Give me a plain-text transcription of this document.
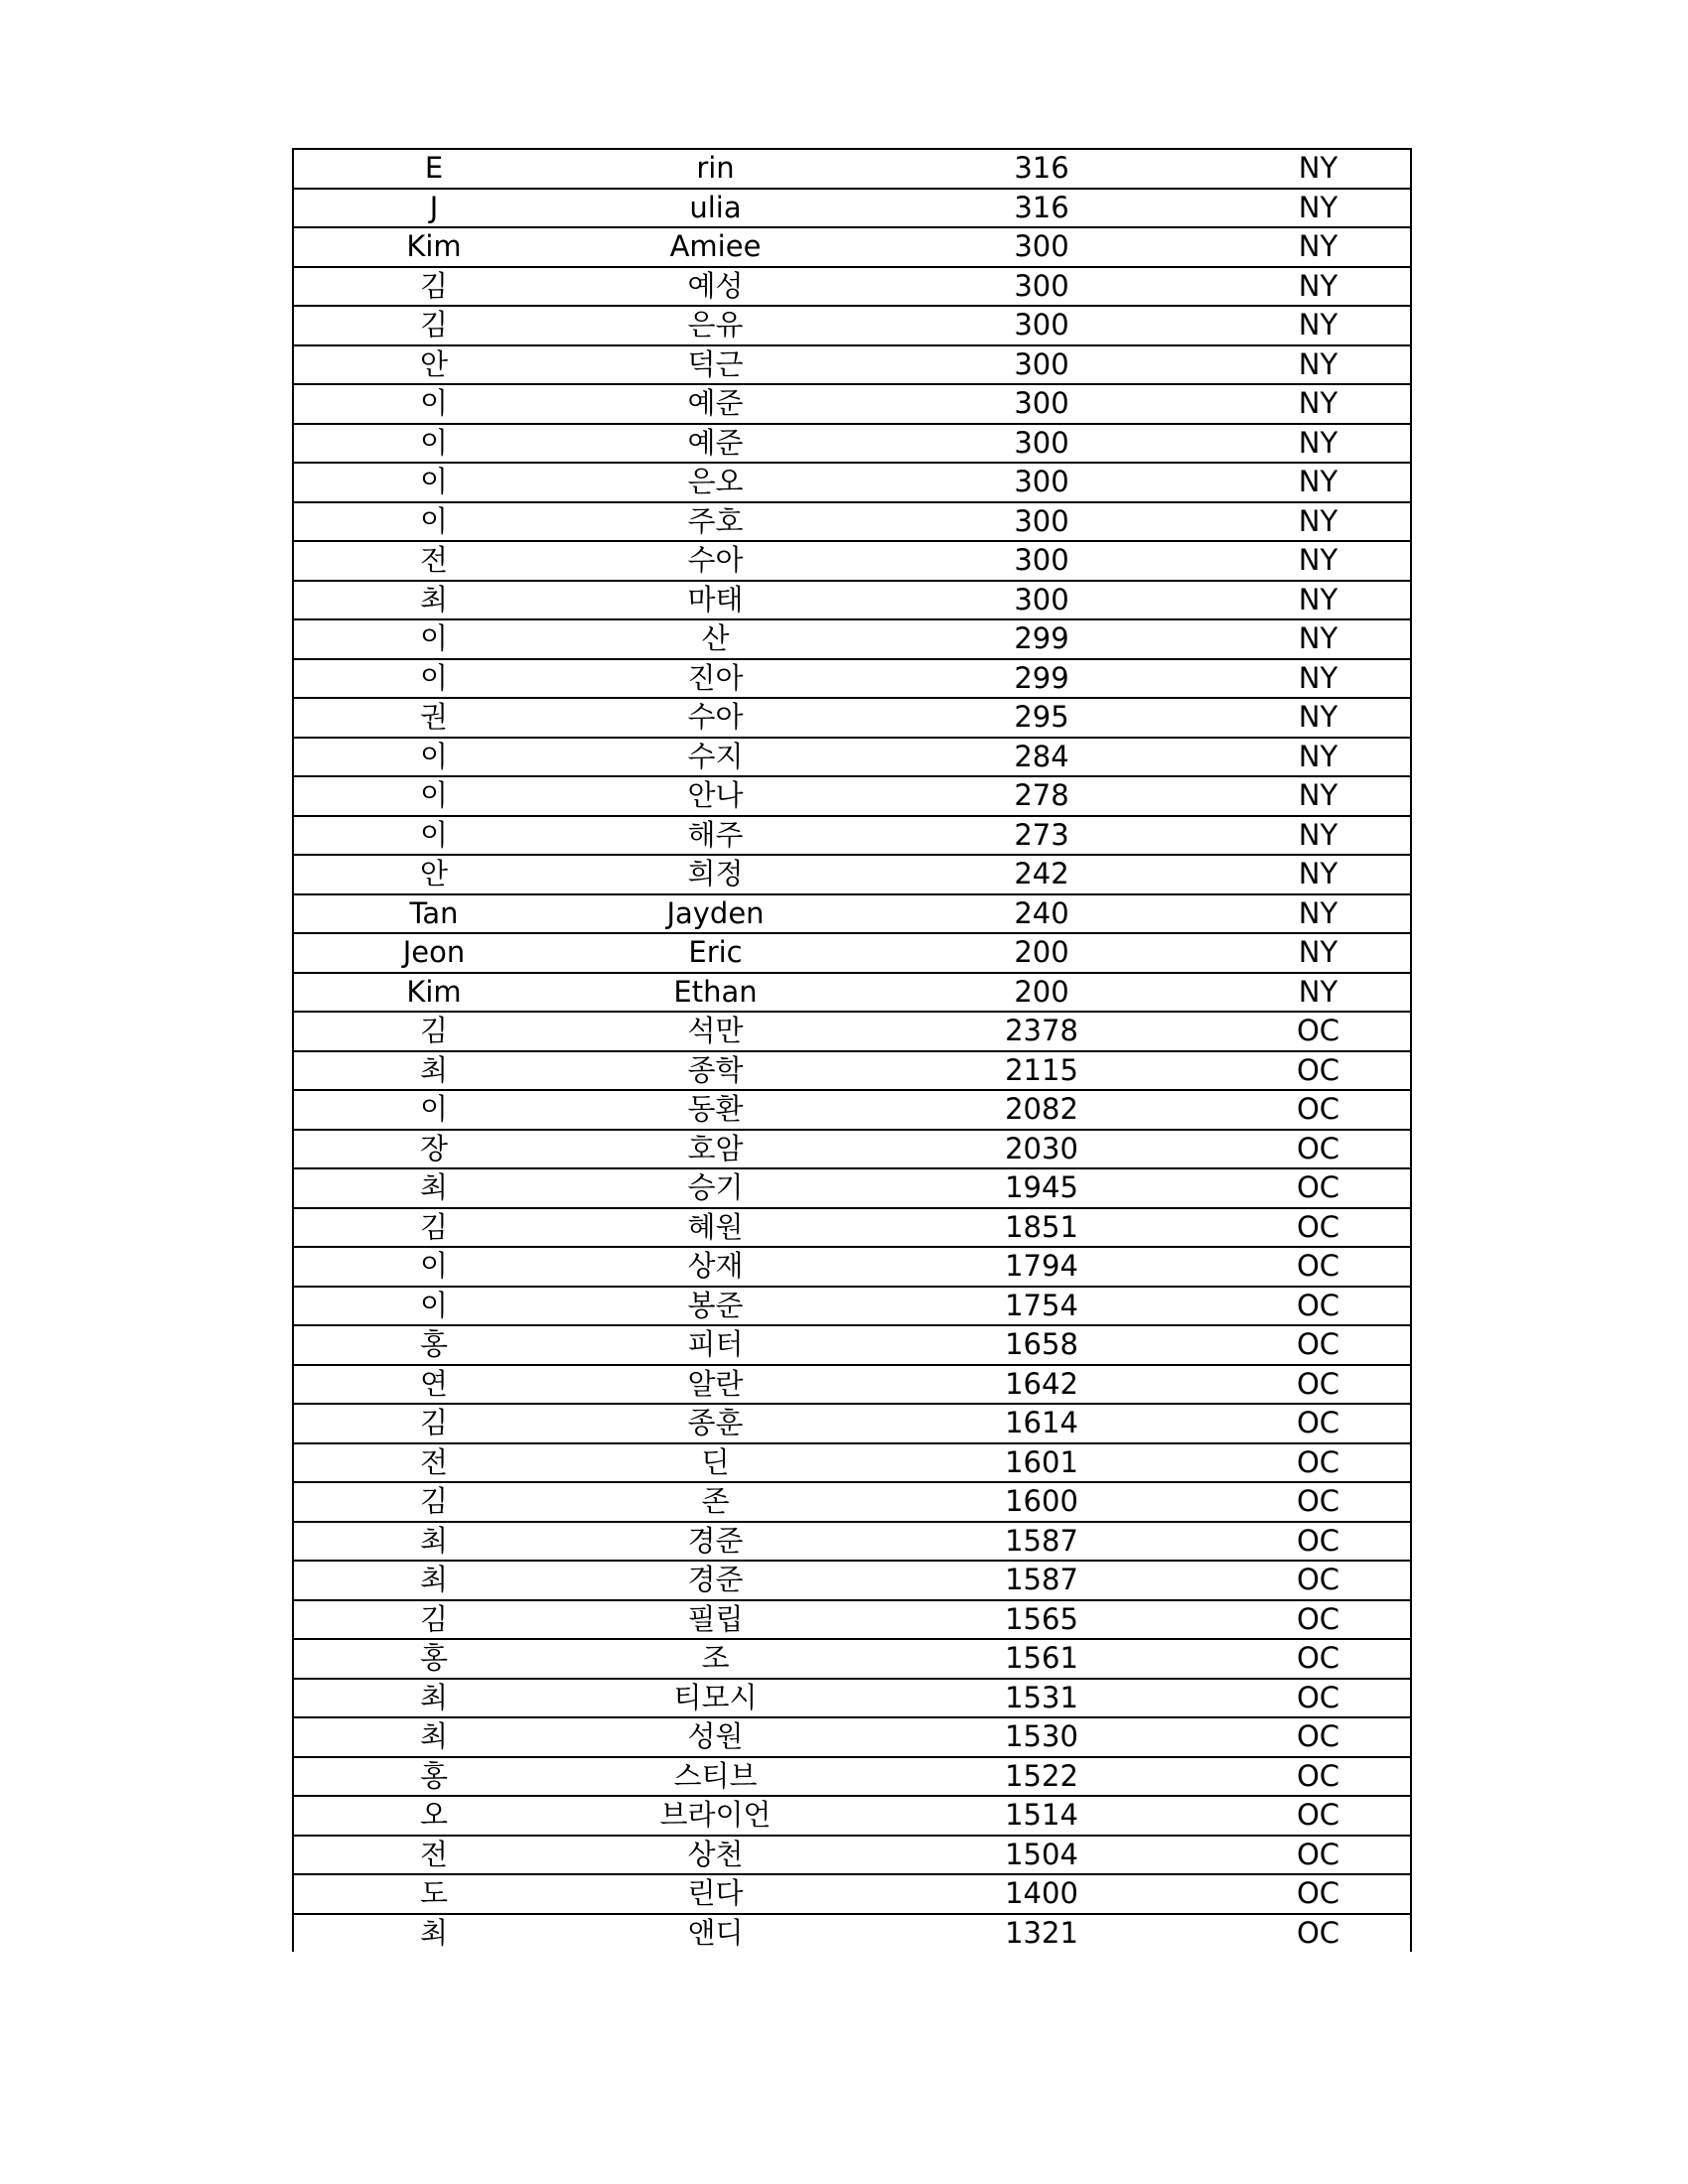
E	rin	316	NY
J	ulia	316	NY
Kim	Amiee	300	NY
김	예성	300	NY
김	은유	300	NY
안	덕근	300	NY
이	예준	300	NY
이	예준	300	NY
이	은오	300	NY
이	주호	300	NY
전	수아	300	NY
최	마태	300	NY
이	산	299	NY
이	진아	299	NY
권	수아	295	NY
이	수지	284	NY
이	안나	278	NY
이	해주	273	NY
안	희정	242	NY
Tan	Jayden	240	NY
Jeon	Eric	200	NY
Kim	Ethan	200	NY
김	석만	2378	OC
최	종학	2115	OC
이	동환	2082	OC
장	호암	2030	OC
최	승기	1945	OC
김	혜원	1851	OC
이	상재	1794	OC
이	봉준	1754	OC
홍	피터	1658	OC
연	알란	1642	OC
김	종훈	1614	OC
전	딘	1601	OC
김	존	1600	OC
최	경준	1587	OC
최	경준	1587	OC
김	필립	1565	OC
홍	조	1561	OC
최	티모시	1531	OC
최	성원	1530	OC
홍	스티브	1522	OC
오	브라이언	1514	OC
전	상천	1504	OC
도	린다	1400	OC
최	앤디	1321	OC
